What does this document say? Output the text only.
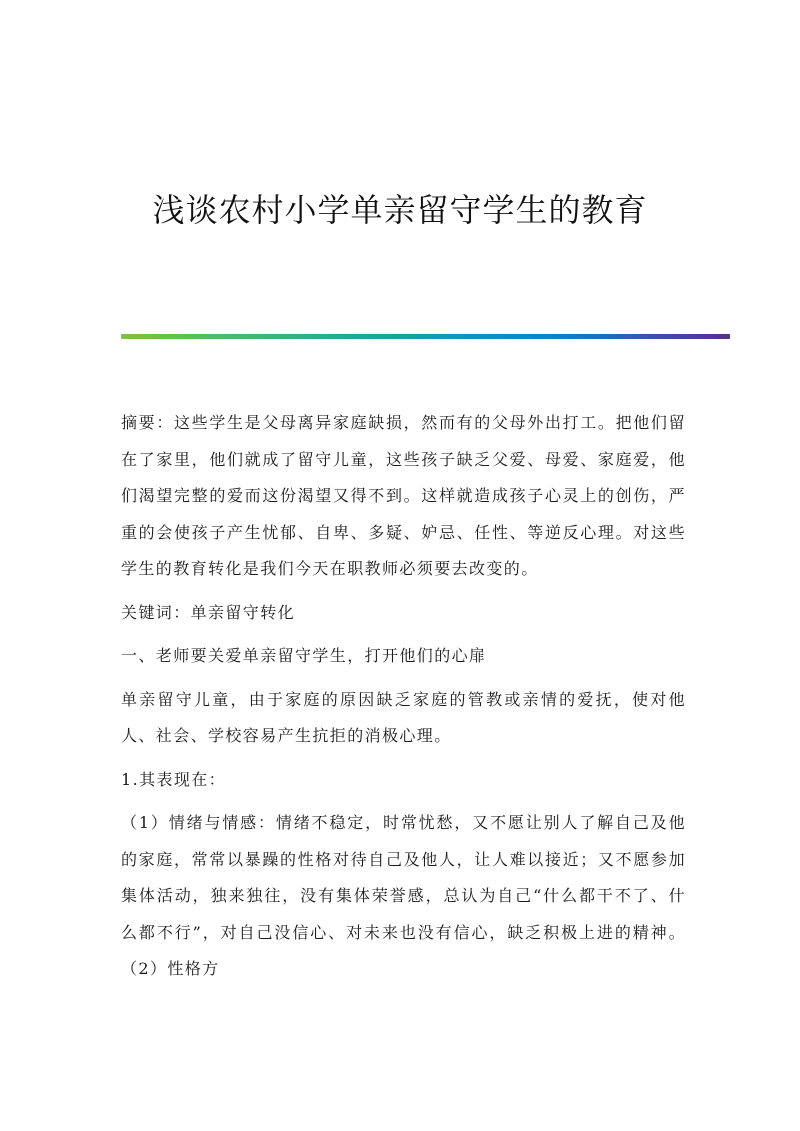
浅谈农村小学单亲留守学生的教育

摘要：这些学生是父母离异家庭缺损，然而有的父母外出打工。把他们留在了家里，他们就成了留守儿童，这些孩子缺乏父爱、母爱、家庭爱，他们渴望完整的爱而这份渴望又得不到。这样就造成孩子心灵上的创伤，严重的会使孩子产生忧郁、自卑、多疑、妒忌、任性、等逆反心理。对这些学生的教育转化是我们今天在职教师必须要去改变的。

关键词：单亲留守转化

一、老师要关爱单亲留守学生，打开他们的心扉

单亲留守儿童，由于家庭的原因缺乏家庭的管教或亲情的爱抚，使对他人、社会、学校容易产生抗拒的消极心理。

1.其表现在：

（1）情绪与情感：情绪不稳定，时常忧愁，又不愿让别人了解自己及他的家庭，常常以暴躁的性格对待自己及他人，让人难以接近；又不愿参加集体活动，独来独往，没有集体荣誉感，总认为自己“什么都干不了、什么都不行”，对自己没信心、对未来也没有信心，缺乏积极上进的精神。（2）性格方
